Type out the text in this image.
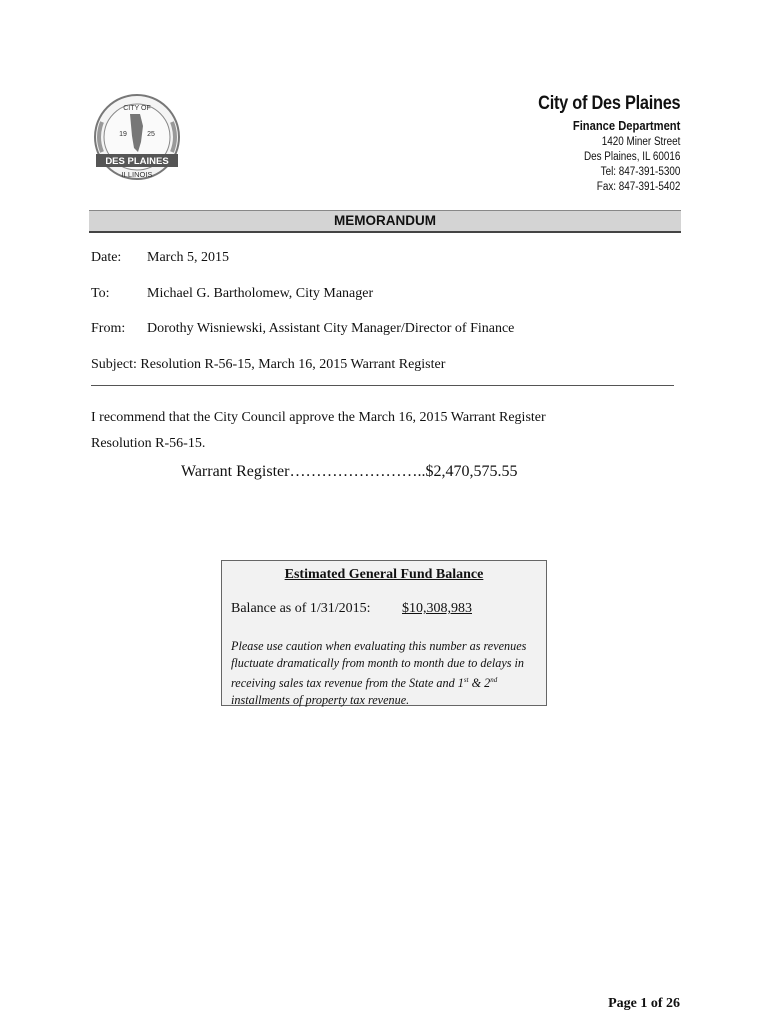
CITY OF
19	25
DES PLAINES
ILLINOIS
City of Des Plaines
Finance Department
1420 Miner Street
Des Plaines, IL 60016
Tel: 847-391-5300
Fax: 847-391-5402
MEMORANDUM
Date: March 5, 2015
To:	Michael G. Bartholomew, City Manager
From: Dorothy Wisniewski, Assistant City Manager/Director of Finance
Subject: Resolution R-56-15, March 16, 2015 Warrant Register
I recommend that the City Council approve the March 16, 2015 Warrant Register
Resolution R-56-15.
Warrant Register……………………..$2,470,575.55
Estimated General Fund Balance
Balance as of 1/31/2015: $10,308,983
Please use caution when evaluating this number as revenues fluctuate dramatically from month to month due to delays in receiving sales tax revenue from the State and 1st & 2nd installments of property tax revenue.
Page 1 of 26
